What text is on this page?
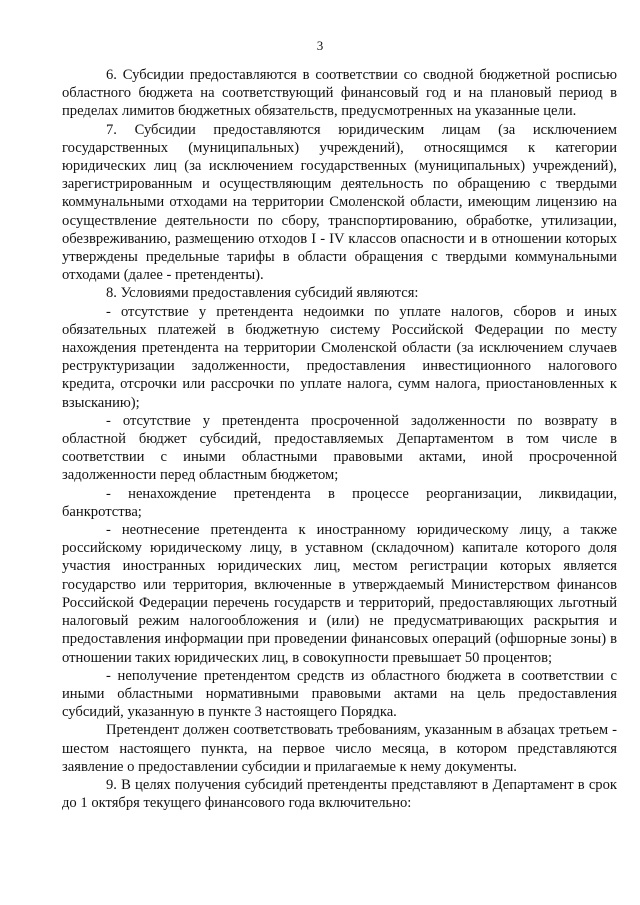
3

6. Субсидии предоставляются в соответствии со сводной бюджетной росписью областного бюджета на соответствующий финансовый год и на плановый период в пределах лимитов бюджетных обязательств, предусмотренных на указанные цели.

7. Субсидии предоставляются юридическим лицам (за исключением государственных (муниципальных) учреждений), относящимся к категории юридических лиц (за исключением государственных (муниципальных) учреждений), зарегистрированным и осуществляющим деятельность по обращению с твердыми коммунальными отходами на территории Смоленской области, имеющим лицензию на осуществление деятельности по сбору, транспортированию, обработке, утилизации, обезвреживанию, размещению отходов I - IV классов опасности и в отношении которых утверждены предельные тарифы в области обращения с твердыми коммунальными отходами (далее - претенденты).

8. Условиями предоставления субсидий являются:

- отсутствие у претендента недоимки по уплате налогов, сборов и иных обязательных платежей в бюджетную систему Российской Федерации по месту нахождения претендента на территории Смоленской области (за исключением случаев реструктуризации задолженности, предоставления инвестиционного налогового кредита, отсрочки или рассрочки по уплате налога, сумм налога, приостановленных к взысканию);

- отсутствие у претендента просроченной задолженности по возврату в областной бюджет субсидий, предоставляемых Департаментом в том числе в соответствии с иными областными правовыми актами, иной просроченной задолженности перед областным бюджетом;

- ненахождение претендента в процессе реорганизации, ликвидации, банкротства;

- неотнесение претендента к иностранному юридическому лицу, а также российскому юридическому лицу, в уставном (складочном) капитале которого доля участия иностранных юридических лиц, местом регистрации которых является государство или территория, включенные в утверждаемый Министерством финансов Российской Федерации перечень государств и территорий, предоставляющих льготный налоговый режим налогообложения и (или) не предусматривающих раскрытия и предоставления информации при проведении финансовых операций (офшорные зоны) в отношении таких юридических лиц, в совокупности превышает 50 процентов;

- неполучение претендентом средств из областного бюджета в соответствии с иными областными нормативными правовыми актами на цель предоставления субсидий, указанную в пункте 3 настоящего Порядка.

Претендент должен соответствовать требованиям, указанным в абзацах третьем - шестом настоящего пункта, на первое число месяца, в котором представляются заявление о предоставлении субсидии и прилагаемые к нему документы.

9. В целях получения субсидий претенденты представляют в Департамент в срок до 1 октября текущего финансового года включительно:
